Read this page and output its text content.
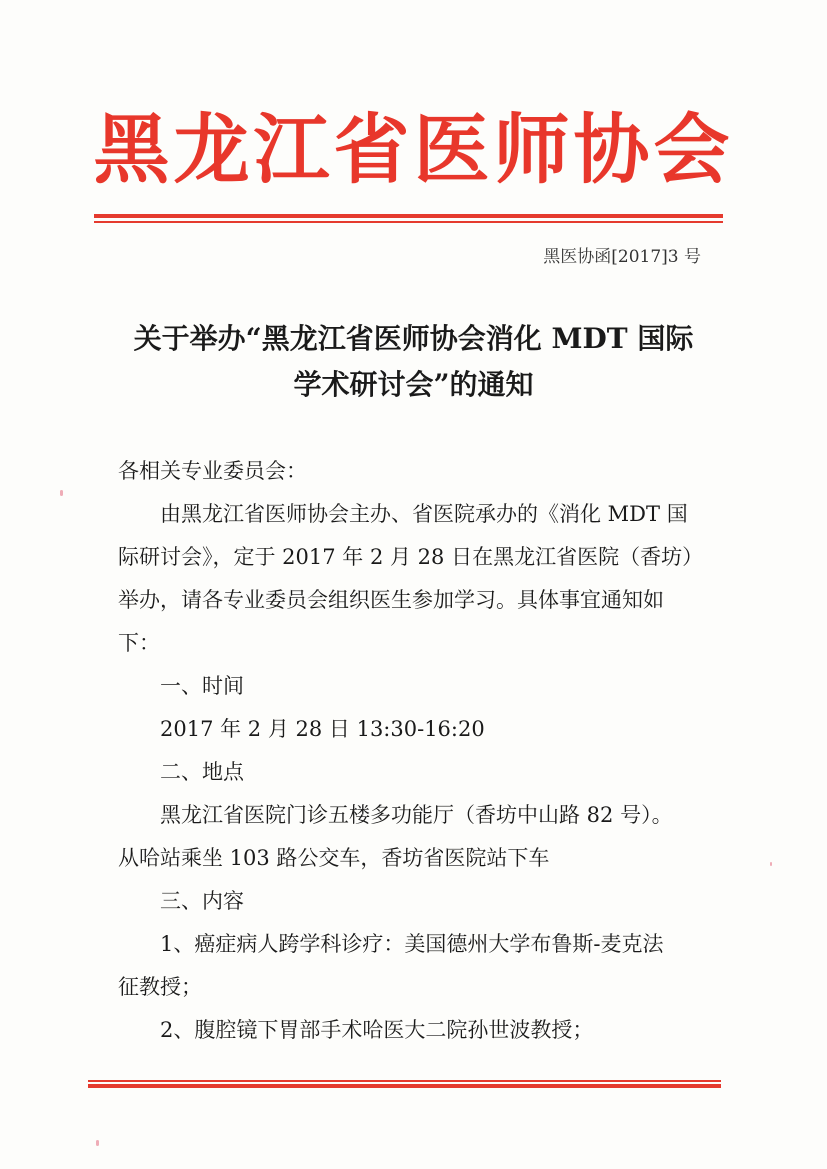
黑龙江省医师协会
黑医协函[2017]3 号
关于举办“黑龙江省医师协会消化 MDT 国际
学术研讨会”的通知

各相关专业委员会：

由黑龙江省医师协会主办、省医院承办的《消化 MDT 国

际研讨会》，定于 2017 年 2 月 28 日在黑龙江省医院（香坊）

举办，请各专业委员会组织医生参加学习。具体事宜通知如

下：

一、时间

2017 年 2 月 28 日 13:30-16:20

二、地点

黑龙江省医院门诊五楼多功能厅（香坊中山路 82 号）。

从哈站乘坐 103 路公交车，香坊省医院站下车

三、内容

1、癌症病人跨学科诊疗：美国德州大学布鲁斯-麦克法

征教授；

2、腹腔镜下胃部手术哈医大二院孙世波教授；
